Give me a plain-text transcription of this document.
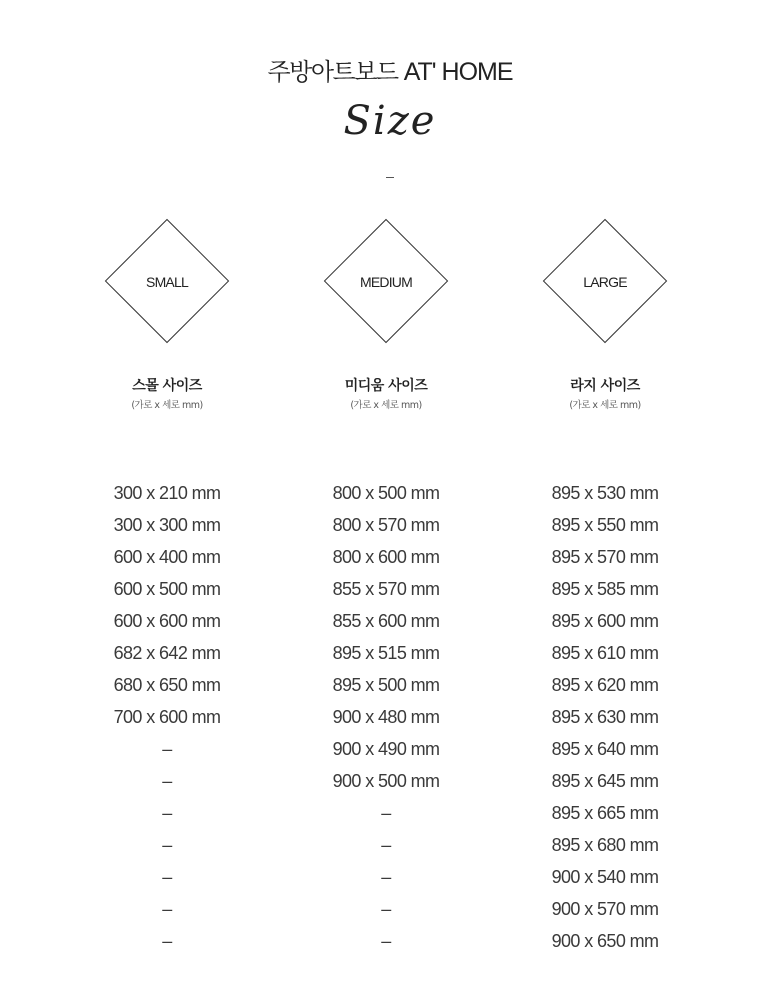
주방아트보드 AT' HOME
Size
SMALL
스몰 사이즈
(가로 x 세로 mm)
300 x 210 mm
300 x 300 mm
600 x 400 mm
600 x 500 mm
600 x 600 mm
682 x 642 mm
680 x 650 mm
700 x 600 mm
–
–
–
–
–
–
–
MEDIUM
미디움 사이즈
(가로 x 세로 mm)
800 x 500 mm
800 x 570 mm
800 x 600 mm
855 x 570 mm
855 x 600 mm
895 x 515 mm
895 x 500 mm
900 x 480 mm
900 x 490 mm
900 x 500 mm
–
–
–
–
–
LARGE
라지 사이즈
(가로 x 세로 mm)
895 x 530 mm
895 x 550 mm
895 x 570 mm
895 x 585 mm
895 x 600 mm
895 x 610 mm
895 x 620 mm
895 x 630 mm
895 x 640 mm
895 x 645 mm
895 x 665 mm
895 x 680 mm
900 x 540 mm
900 x 570 mm
900 x 650 mm
